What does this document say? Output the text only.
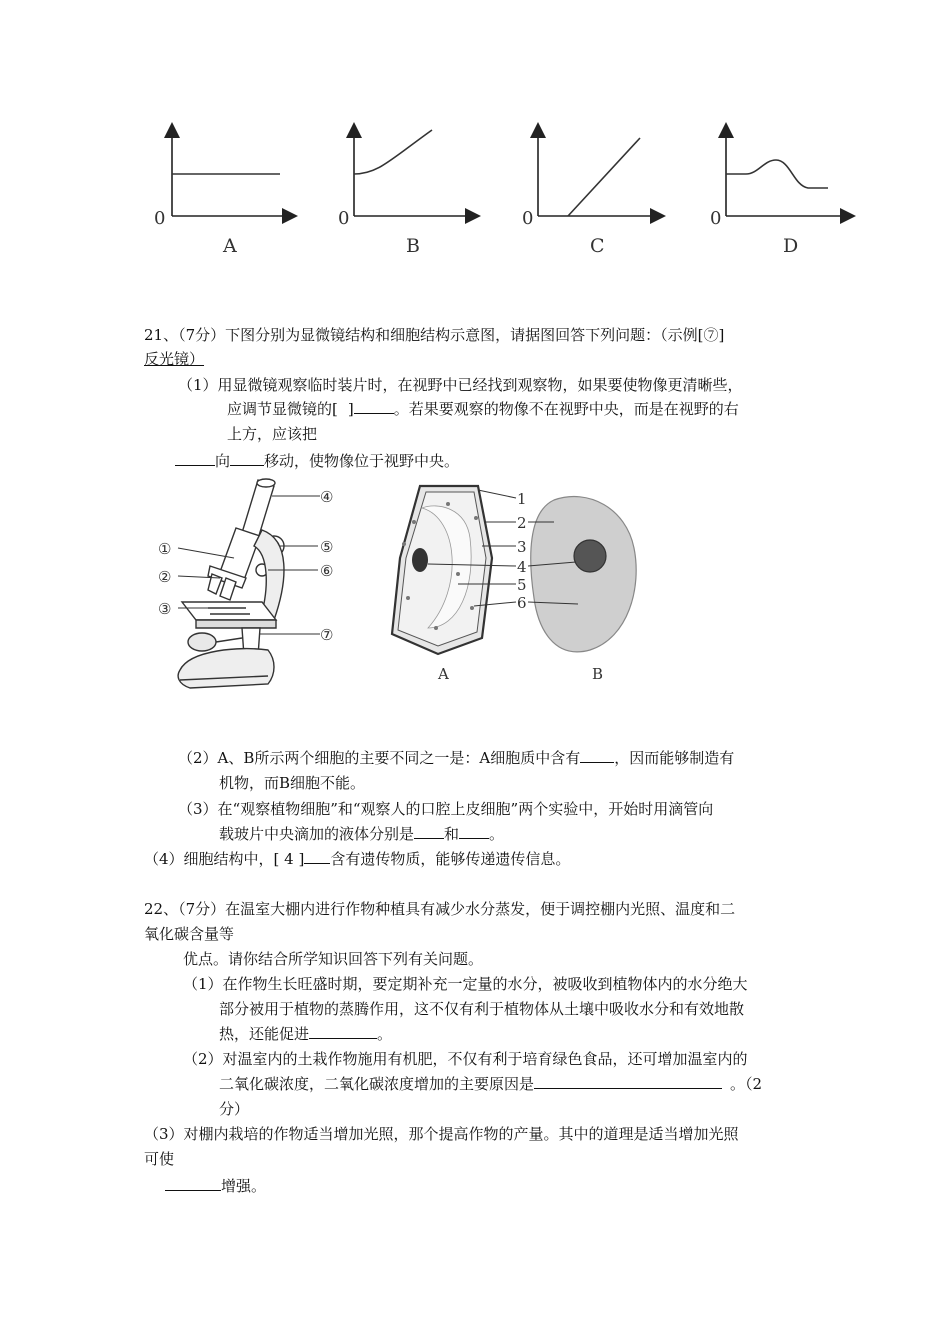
0
A
0
B
0
C
0
D
21、（7分）下图分别为显微镜结构和细胞结构示意图，请据图回答下列问题：（示例[⑦]
反光镜）
（1）用显微镜观察临时装片时，在视野中已经找到观察物，如果要使物像更清晰些，
应调节显微镜的[ ]	。若果要观察的物像不在视野中央，而是在视野的右
上方，应该把
向 移动，使物像位于视野中央。
④
⑤
⑥
⑦
①
②
③
1
2
3
4
5
6
A	B
（2）A、B所示两个细胞的主要不同之一是：A细胞质中含有 ，因而能够制造有
机物，而B细胞不能。
（3）在“观察植物细胞”和“观察人的口腔上皮细胞”两个实验中，开始时用滴管向
载玻片中央滴加的液体分别是 和 。
（4）细胞结构中，[ 4 ] 含有遗传物质，能够传递遗传信息。
22、（7分）在温室大棚内进行作物种植具有减少水分蒸发，便于调控棚内光照、温度和二
氧化碳含量等
优点。请你结合所学知识回答下列有关问题。
（1）在作物生长旺盛时期，要定期补充一定量的水分，被吸收到植物体内的水分绝大
部分被用于植物的蒸腾作用，这不仅有利于植物体从土壤中吸收水分和有效地散
热，还能促进	。
（2）对温室内的土栽作物施用有机肥，不仅有利于培育绿色食品，还可增加温室内的
二氧化碳浓度，二氧化碳浓度增加的主要原因是	。（2
分）
（3）对棚内栽培的作物适当增加光照，那个提高作物的产量。其中的道理是适当增加光照
可使
增强。
